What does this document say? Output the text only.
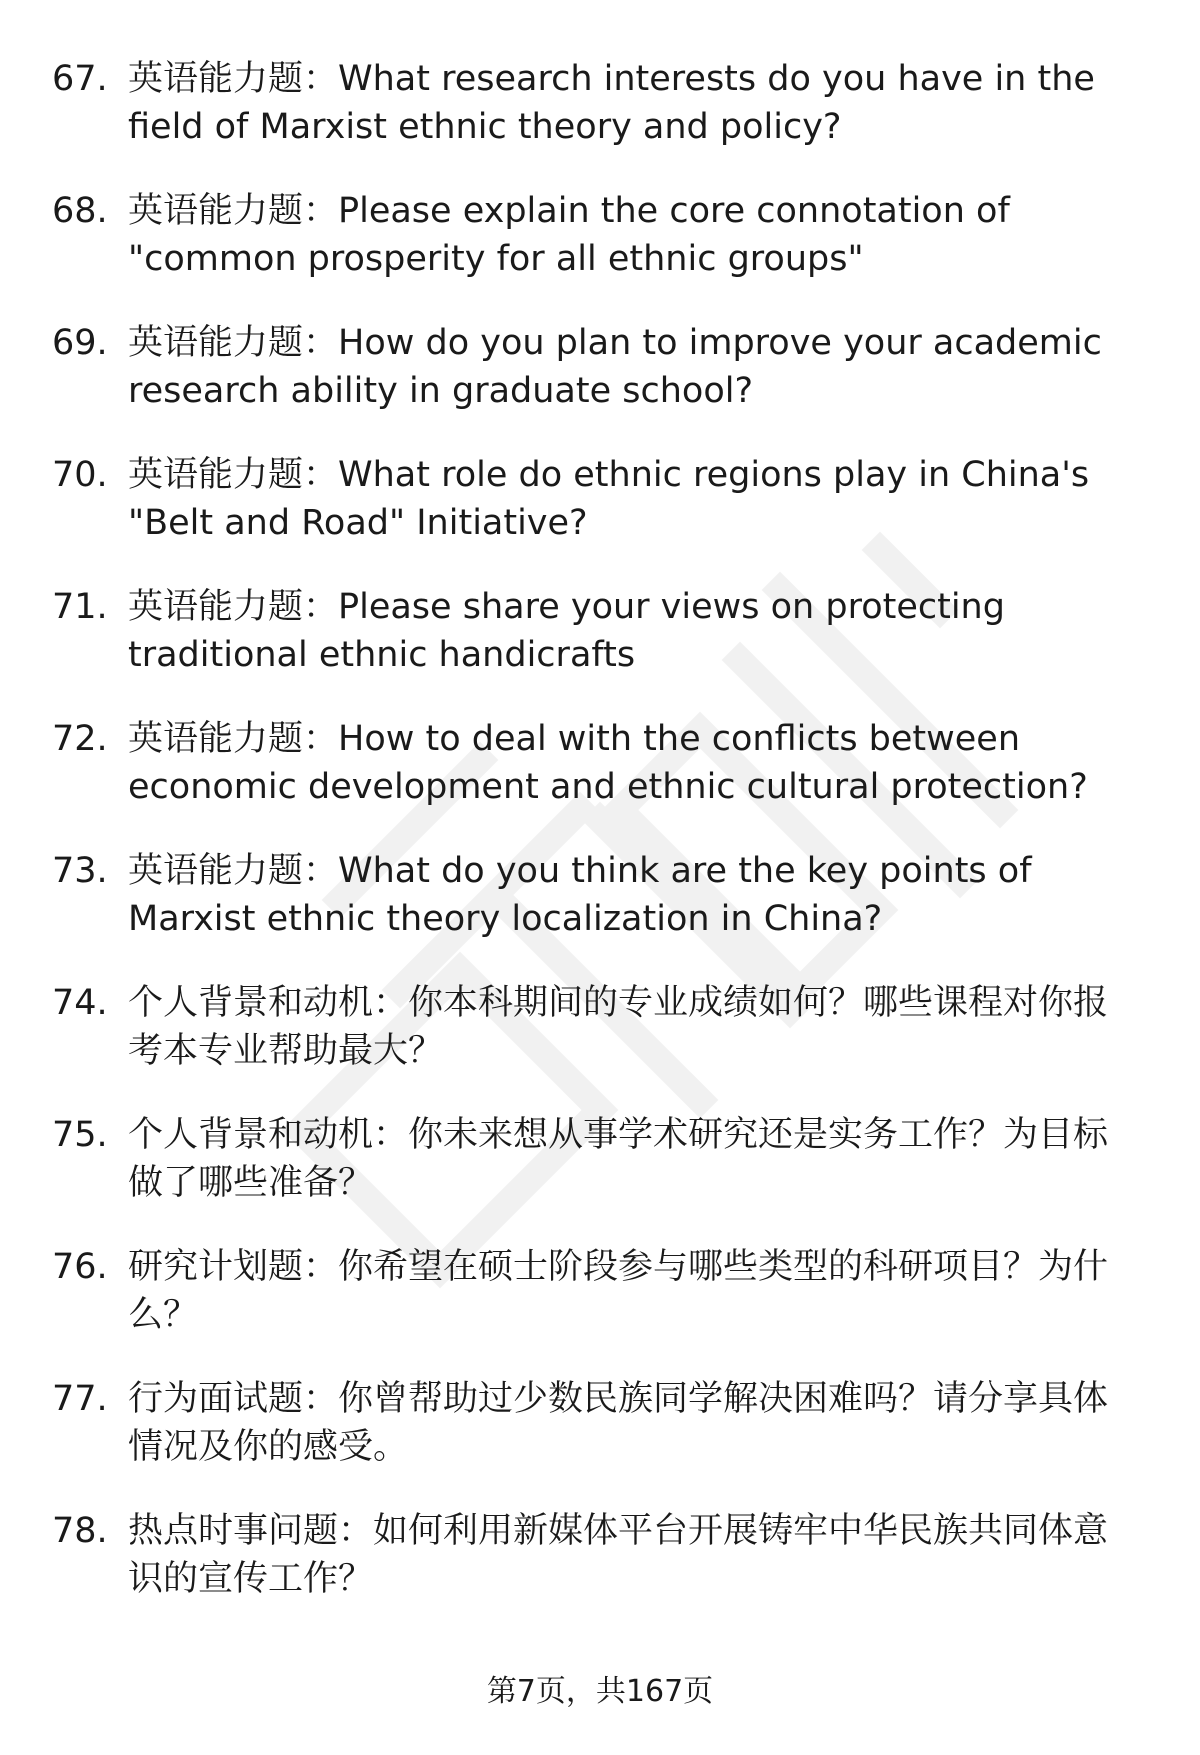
67. 英语能力题：What research interests do you have in the field of Marxist ethnic theory and policy?
68. 英语能力题：Please explain the core connotation of "common prosperity for all ethnic groups"
69. 英语能力题：How do you plan to improve your academic research ability in graduate school?
70. 英语能力题：What role do ethnic regions play in China's "Belt and Road" Initiative?
71. 英语能力题：Please share your views on protecting traditional ethnic handicrafts
72. 英语能力题：How to deal with the conflicts between economic development and ethnic cultural protection?
73. 英语能力题：What do you think are the key points of Marxist ethnic theory localization in China?
74. 个人背景和动机：你本科期间的专业成绩如何？哪些课程对你报考本专业帮助最大？
75. 个人背景和动机：你未来想从事学术研究还是实务工作？为目标做了哪些准备？
76. 研究计划题：你希望在硕士阶段参与哪些类型的科研项目？为什么？
77. 行为面试题：你曾帮助过少数民族同学解决困难吗？请分享具体情况及你的感受。
78. 热点时事问题：如何利用新媒体平台开展铸牢中华民族共同体意识的宣传工作？
第7页，共167页
